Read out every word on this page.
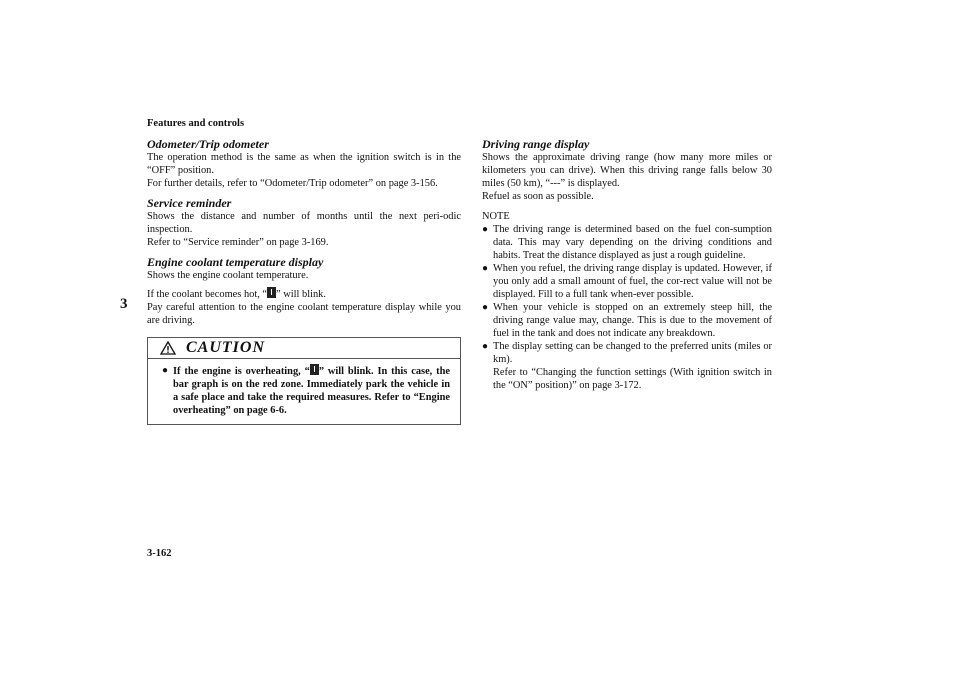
Features and controls
3
Odometer/Trip odometer

The operation method is the same as when the ignition switch is in the “OFF” position.

For further details, refer to “Odometer/Trip odometer” on page 3-156.

Service reminder

Shows the distance and number of months until the next peri-odic inspection.

Refer to “Service reminder” on page 3-169.

Engine coolant temperature display

Shows the engine coolant temperature.

If the coolant becomes hot, “ ” will blink.

Pay careful attention to the engine coolant temperature display while you are driving.

CAUTION
● If the engine is overheating, “ ” will blink. In this case, the bar graph is on the red zone. Immediately park the vehicle in a safe place and take the required measures. Refer to “Engine overheating” on page 6-6.
Driving range display

Shows the approximate driving range (how many more miles or kilometers you can drive). When this driving range falls below 30 miles (50 km), “---” is displayed.

Refuel as soon as possible.

NOTE
● The driving range is determined based on the fuel con-sumption data. This may vary depending on the driving conditions and habits. Treat the distance displayed as just a rough guideline.
● When you refuel, the driving range display is updated. However, if you only add a small amount of fuel, the cor-rect value will not be displayed. Fill to a full tank when-ever possible.
● When your vehicle is stopped on an extremely steep hill, the driving range value may, change. This is due to the movement of fuel in the tank and does not indicate any breakdown.
● The display setting can be changed to the preferred units (miles or km).
Refer to “Changing the function settings (With ignition switch in the “ON” position)” on page 3-172.
3-162
